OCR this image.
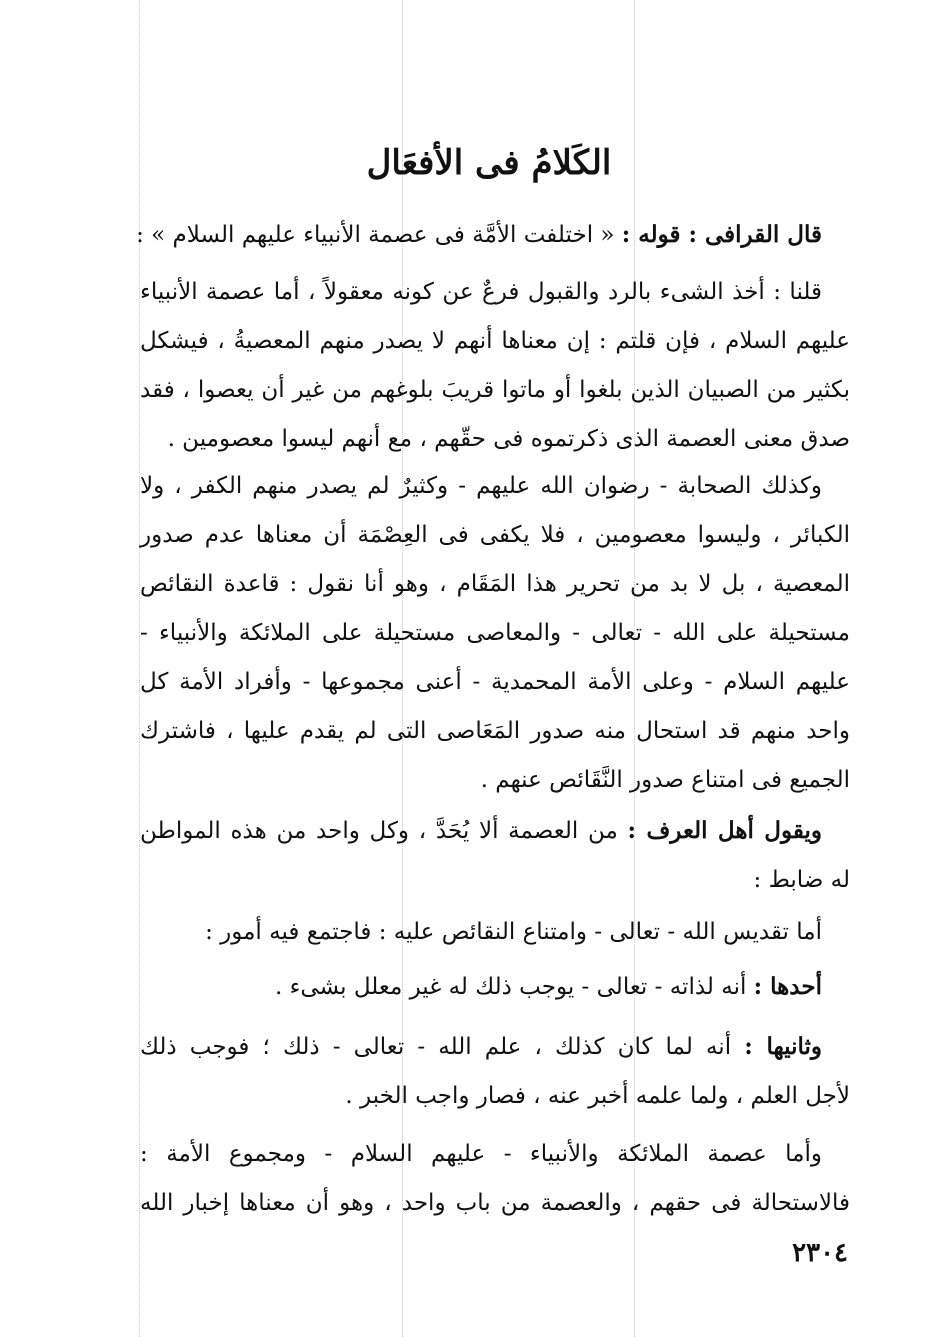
الكَلامُ فى الأفعَال
قال القرافى : قوله : « اختلفت الأمَّة فى عصمة الأنبياء عليهم السلام » :
قلنا : أخذ الشىء بالرد والقبول فرعٌ عن كونه معقولاً ، أما عصمة الأنبياء
عليهم السلام ، فإن قلتم : إن معناها أنهم لا يصدر منهم المعصيةُ ، فيشكل
بكثير من الصبيان الذين بلغوا أو ماتوا قريبَ بلوغهم من غير أن يعصوا ، فقد
صدق معنى العصمة الذى ذكرتموه فى حقّهم ، مع أنهم ليسوا معصومين .
وكذلك الصحابة - رضوان الله عليهم - وكثيرٌ لم يصدر منهم الكفر ، ولا
الكبائر ، وليسوا معصومين ، فلا يكفى فى العِصْمَة أن معناها عدم صدور
المعصية ، بل لا بد من تحرير هذا المَقَام ، وهو أنا نقول : قاعدة النقائص
مستحيلة على الله - تعالى - والمعاصى مستحيلة على الملائكة والأنبياء -
عليهم السلام - وعلى الأمة المحمدية - أعنى مجموعها - وأفراد الأمة كل
واحد منهم قد استحال منه صدور المَعَاصى التى لم يقدم عليها ، فاشترك
الجميع فى امتناع صدور النَّقَائص عنهم .
ويقول أهل العرف : من العصمة ألا يُحَدَّ ، وكل واحد من هذه المواطن
له ضابط :
أما تقديس الله - تعالى - وامتناع النقائص عليه : فاجتمع فيه أمور :
أحدها : أنه لذاته - تعالى - يوجب ذلك له غير معلل بشىء .
وثانيها : أنه لما كان كذلك ، علم الله - تعالى - ذلك ؛ فوجب ذلك
لأجل العلم ، ولما علمه أخبر عنه ، فصار واجب الخبر .
وأما عصمة الملائكة والأنبياء - عليهم السلام - ومجموع الأمة :
فالاستحالة فى حقهم ، والعصمة من باب واحد ، وهو أن معناها إخبار الله
٢٣٠٤
